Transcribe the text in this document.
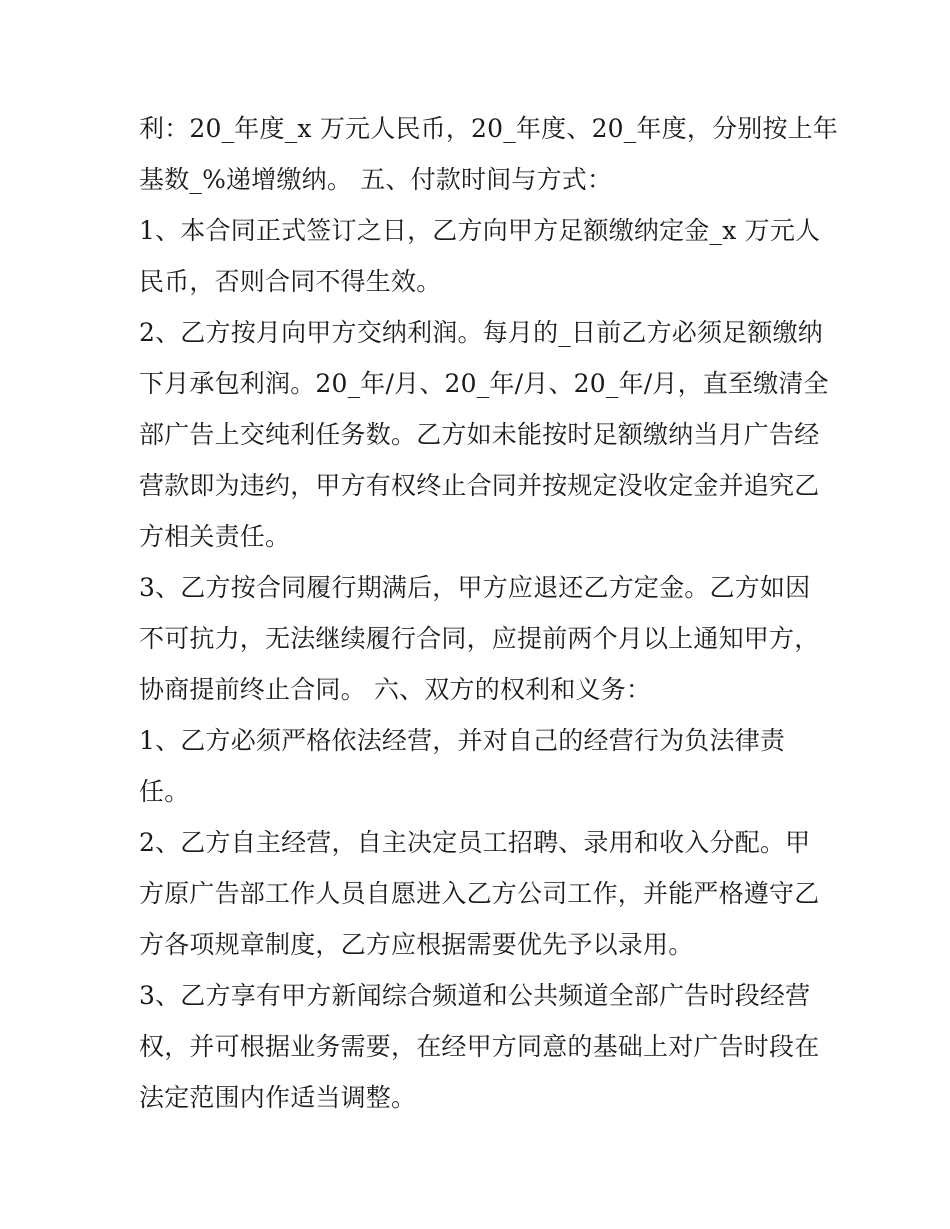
利：20_年度_x 万元人民币，20_年度、20_年度，分别按上年
基数_%递增缴纳。 五、付款时间与方式：
1、本合同正式签订之日，乙方向甲方足额缴纳定金_x 万元人
民币，否则合同不得生效。
2、乙方按月向甲方交纳利润。每月的_日前乙方必须足额缴纳
下月承包利润。20_年/月、20_年/月、20_年/月，直至缴清全
部广告上交纯利任务数。乙方如未能按时足额缴纳当月广告经
营款即为违约，甲方有权终止合同并按规定没收定金并追究乙
方相关责任。
3、乙方按合同履行期满后，甲方应退还乙方定金。乙方如因
不可抗力，无法继续履行合同，应提前两个月以上通知甲方，
协商提前终止合同。 六、双方的权利和义务：
1、乙方必须严格依法经营，并对自己的经营行为负法律责
任。
2、乙方自主经营，自主决定员工招聘、录用和收入分配。甲
方原广告部工作人员自愿进入乙方公司工作，并能严格遵守乙
方各项规章制度，乙方应根据需要优先予以录用。
3、乙方享有甲方新闻综合频道和公共频道全部广告时段经营
权，并可根据业务需要，在经甲方同意的基础上对广告时段在
法定范围内作适当调整。
